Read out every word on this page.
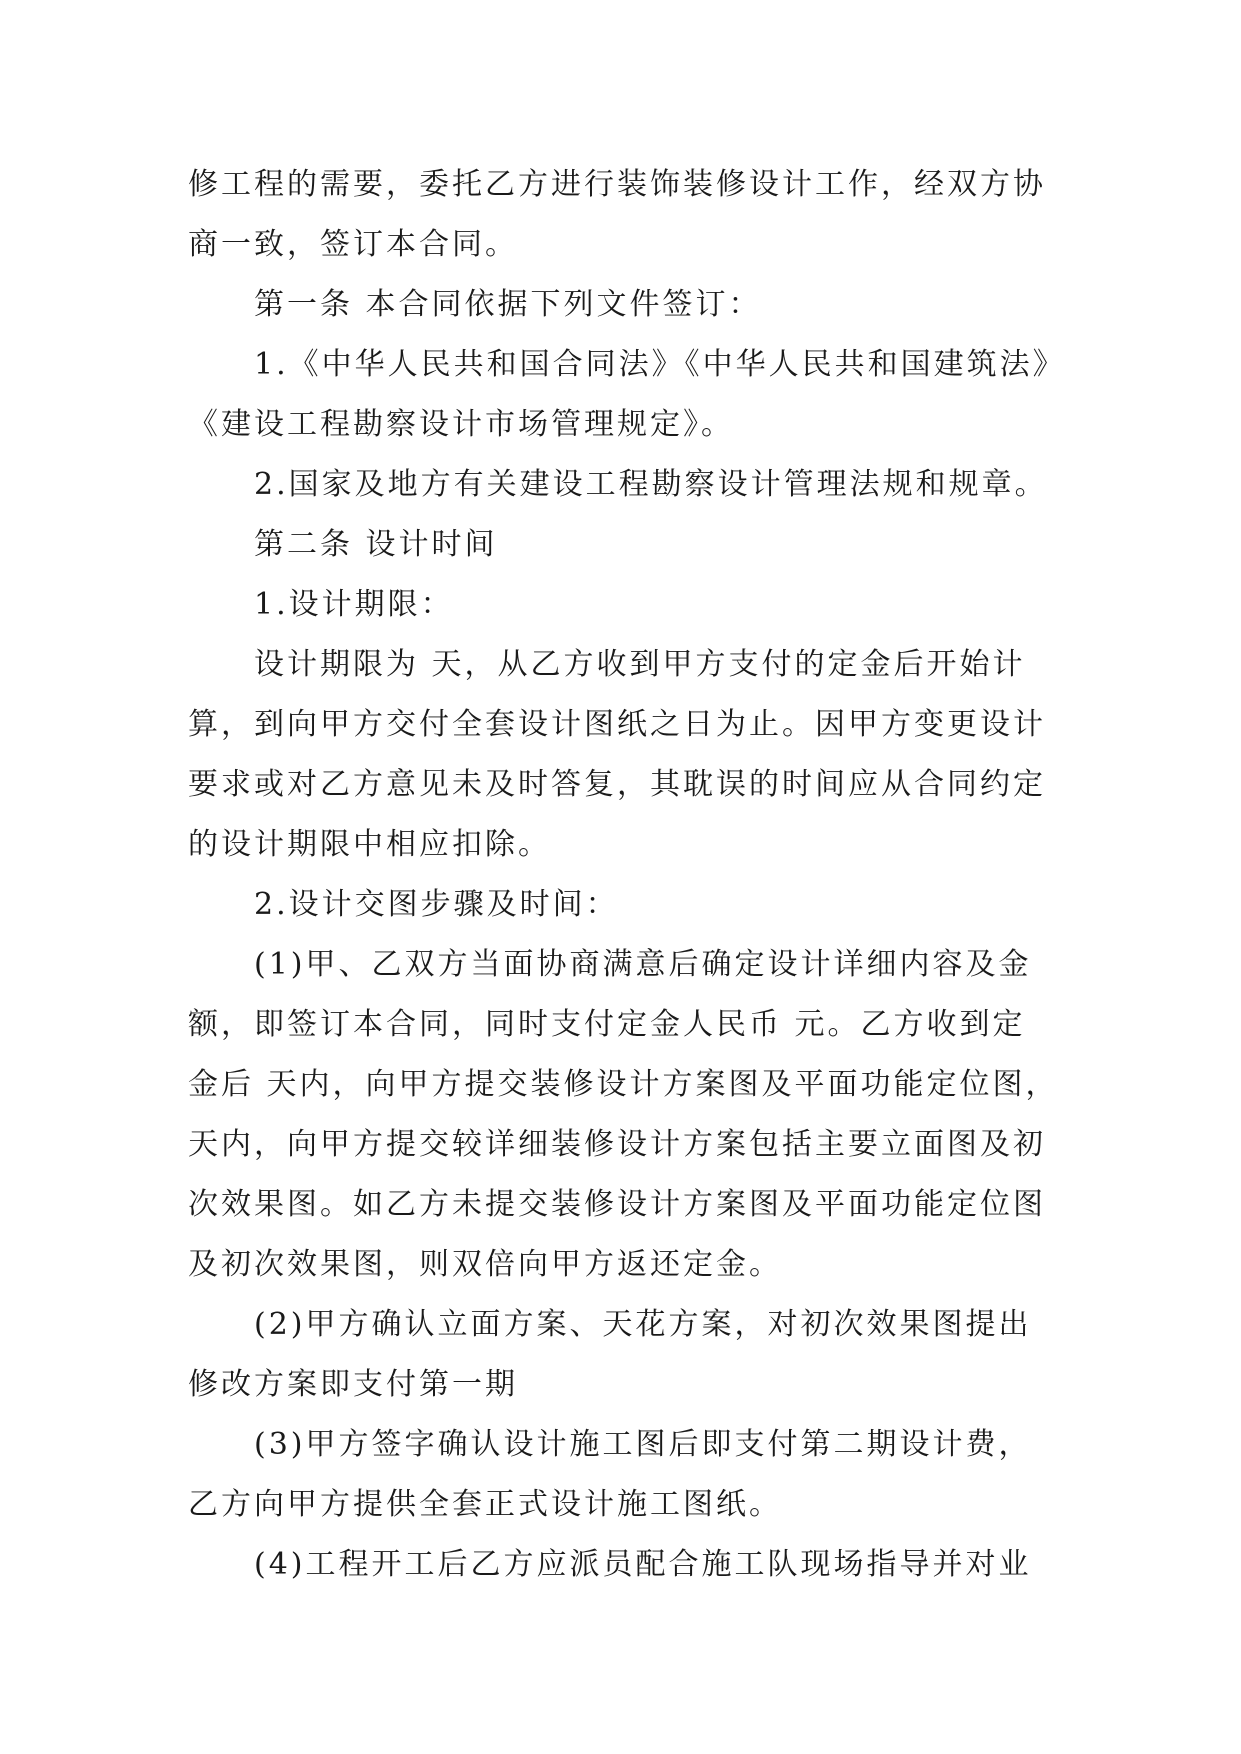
修工程的需要，委托乙方进行装饰装修设计工作，经双方协
商一致，签订本合同。
第一条 本合同依据下列文件签订：
1.《中华人民共和国合同法》《中华人民共和国建筑法》
《建设工程勘察设计市场管理规定》。
2.国家及地方有关建设工程勘察设计管理法规和规章。
第二条 设计时间
1.设计期限：
设计期限为 天，从乙方收到甲方支付的定金后开始计
算，到向甲方交付全套设计图纸之日为止。因甲方变更设计
要求或对乙方意见未及时答复，其耽误的时间应从合同约定
的设计期限中相应扣除。
2.设计交图步骤及时间：
(1)甲、乙双方当面协商满意后确定设计详细内容及金
额，即签订本合同，同时支付定金人民币 元。乙方收到定
金后 天内，向甲方提交装修设计方案图及平面功能定位图，
天内，向甲方提交较详细装修设计方案包括主要立面图及初
次效果图。如乙方未提交装修设计方案图及平面功能定位图
及初次效果图，则双倍向甲方返还定金。
(2)甲方确认立面方案、天花方案，对初次效果图提出
修改方案即支付第一期
(3)甲方签字确认设计施工图后即支付第二期设计费，
乙方向甲方提供全套正式设计施工图纸。
(4)工程开工后乙方应派员配合施工队现场指导并对业
